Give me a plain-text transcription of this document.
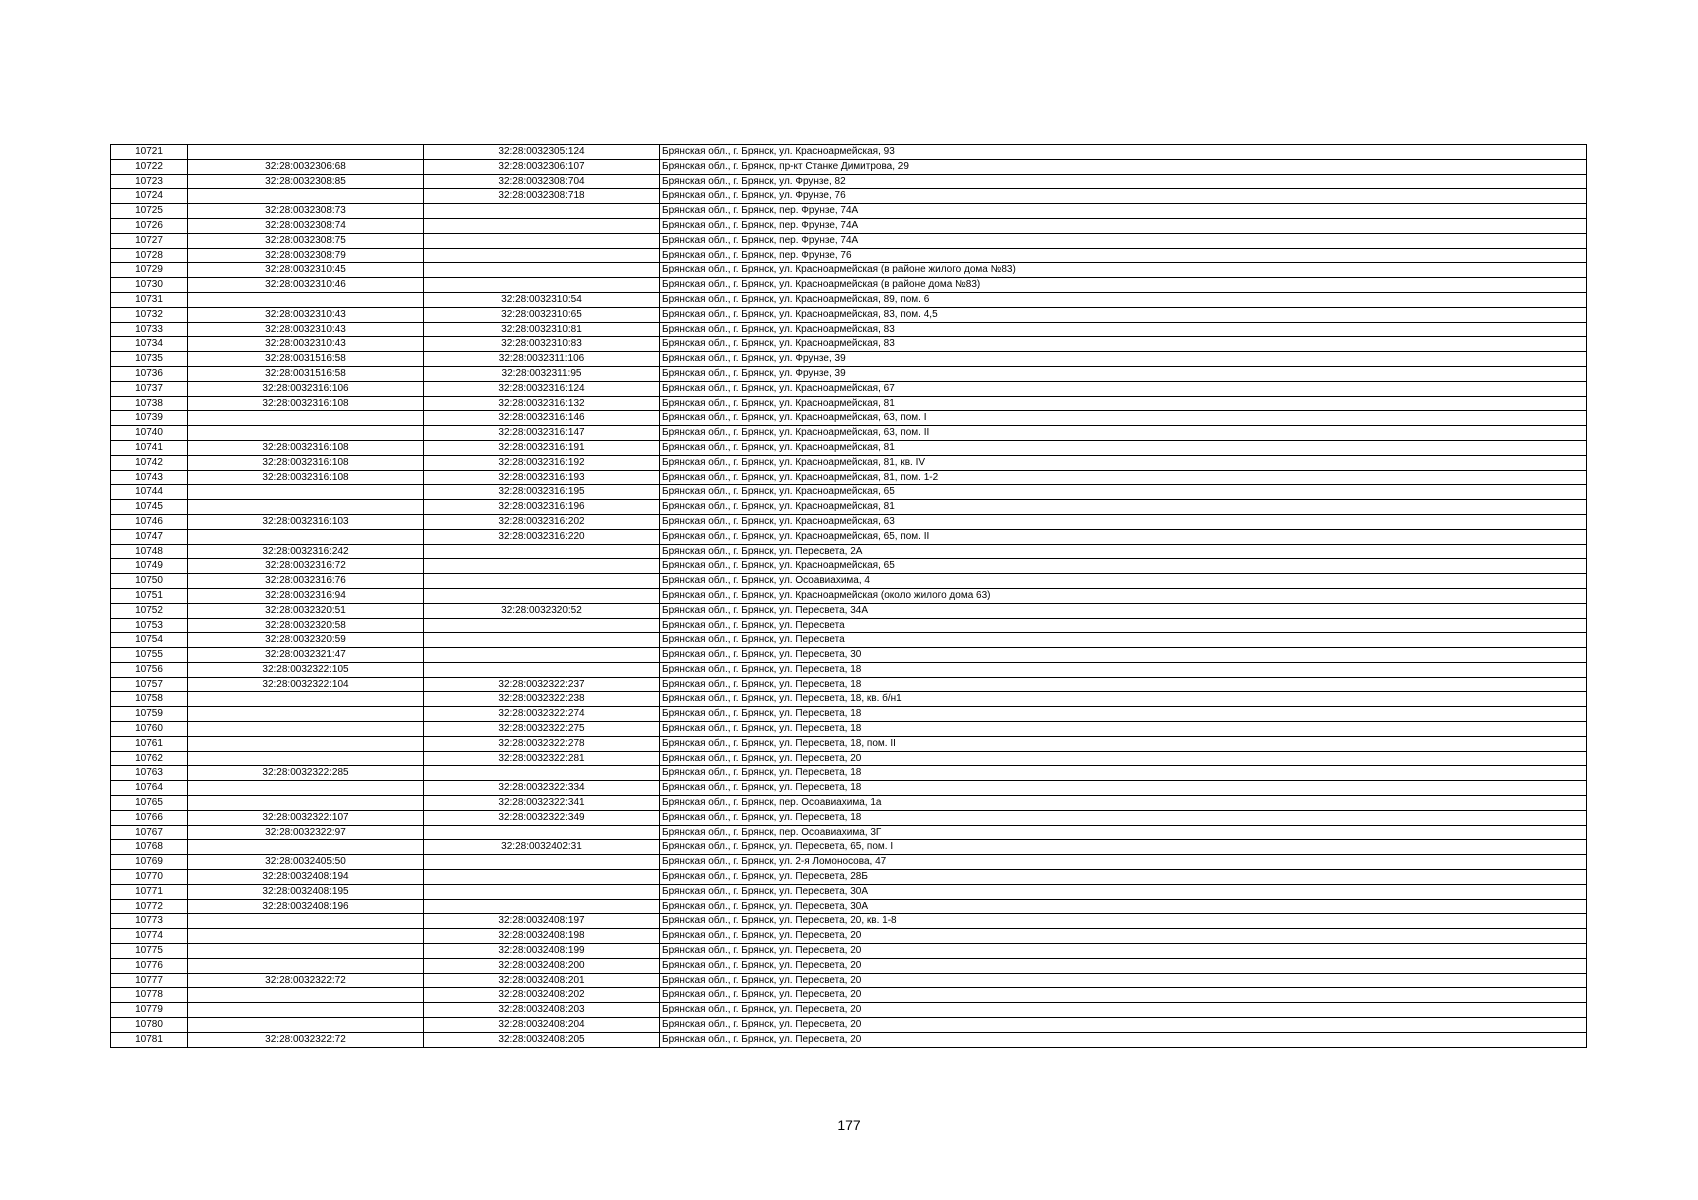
10721		32:28:0032305:124	Брянская обл., г. Брянск, ул. Красноармейская, 93
10722	32:28:0032306:68	32:28:0032306:107	Брянская обл., г. Брянск, пр-кт Станке Димитрова, 29
10723	32:28:0032308:85	32:28:0032308:704	Брянская обл., г. Брянск, ул. Фрунзе, 82
10724		32:28:0032308:718	Брянская обл., г. Брянск, ул. Фрунзе, 76
10725	32:28:0032308:73		Брянская обл., г. Брянск, пер. Фрунзе, 74А
10726	32:28:0032308:74		Брянская обл., г. Брянск, пер. Фрунзе, 74А
10727	32:28:0032308:75		Брянская обл., г. Брянск, пер. Фрунзе, 74А
10728	32:28:0032308:79		Брянская обл., г. Брянск, пер. Фрунзе, 76
10729	32:28:0032310:45		Брянская обл., г. Брянск, ул. Красноармейская (в районе жилого дома №83)
10730	32:28:0032310:46		Брянская обл., г. Брянск, ул. Красноармейская (в районе дома №83)
10731		32:28:0032310:54	Брянская обл., г. Брянск, ул. Красноармейская, 89, пом. 6
10732	32:28:0032310:43	32:28:0032310:65	Брянская обл., г. Брянск, ул. Красноармейская, 83, пом. 4,5
10733	32:28:0032310:43	32:28:0032310:81	Брянская обл., г. Брянск, ул. Красноармейская, 83
10734	32:28:0032310:43	32:28:0032310:83	Брянская обл., г. Брянск, ул. Красноармейская, 83
10735	32:28:0031516:58	32:28:0032311:106	Брянская обл., г. Брянск, ул. Фрунзе, 39
10736	32:28:0031516:58	32:28:0032311:95	Брянская обл., г. Брянск, ул. Фрунзе, 39
10737	32:28:0032316:106	32:28:0032316:124	Брянская обл., г. Брянск, ул. Красноармейская, 67
10738	32:28:0032316:108	32:28:0032316:132	Брянская обл., г. Брянск, ул. Красноармейская, 81
10739		32:28:0032316:146	Брянская обл., г. Брянск, ул. Красноармейская, 63, пом. I
10740		32:28:0032316:147	Брянская обл., г. Брянск, ул. Красноармейская, 63, пом. II
10741	32:28:0032316:108	32:28:0032316:191	Брянская обл., г. Брянск, ул. Красноармейская, 81
10742	32:28:0032316:108	32:28:0032316:192	Брянская обл., г. Брянск, ул. Красноармейская, 81, кв. IV
10743	32:28:0032316:108	32:28:0032316:193	Брянская обл., г. Брянск, ул. Красноармейская, 81, пом. 1-2
10744		32:28:0032316:195	Брянская обл., г. Брянск, ул. Красноармейская, 65
10745		32:28:0032316:196	Брянская обл., г. Брянск, ул. Красноармейская, 81
10746	32:28:0032316:103	32:28:0032316:202	Брянская обл., г. Брянск, ул. Красноармейская, 63
10747		32:28:0032316:220	Брянская обл., г. Брянск, ул. Красноармейская, 65, пом. II
10748	32:28:0032316:242		Брянская обл., г. Брянск, ул. Пересвета, 2А
10749	32:28:0032316:72		Брянская обл., г. Брянск, ул. Красноармейская, 65
10750	32:28:0032316:76		Брянская обл., г. Брянск, ул. Осоавиахима, 4
10751	32:28:0032316:94		Брянская обл., г. Брянск, ул. Красноармейская (около жилого дома 63)
10752	32:28:0032320:51	32:28:0032320:52	Брянская обл., г. Брянск, ул. Пересвета, 34А
10753	32:28:0032320:58		Брянская обл., г. Брянск, ул. Пересвета
10754	32:28:0032320:59		Брянская обл., г. Брянск, ул. Пересвета
10755	32:28:0032321:47		Брянская обл., г. Брянск, ул. Пересвета, 30
10756	32:28:0032322:105		Брянская обл., г. Брянск, ул. Пересвета, 18
10757	32:28:0032322:104	32:28:0032322:237	Брянская обл., г. Брянск, ул. Пересвета, 18
10758		32:28:0032322:238	Брянская обл., г. Брянск, ул. Пересвета, 18, кв. б/н1
10759		32:28:0032322:274	Брянская обл., г. Брянск, ул. Пересвета, 18
10760		32:28:0032322:275	Брянская обл., г. Брянск, ул. Пересвета, 18
10761		32:28:0032322:278	Брянская обл., г. Брянск, ул. Пересвета, 18, пом. II
10762		32:28:0032322:281	Брянская обл., г. Брянск, ул. Пересвета, 20
10763	32:28:0032322:285		Брянская обл., г. Брянск, ул. Пересвета, 18
10764		32:28:0032322:334	Брянская обл., г. Брянск, ул. Пересвета, 18
10765		32:28:0032322:341	Брянская обл., г. Брянск, пер. Осоавиахима, 1а
10766	32:28:0032322:107	32:28:0032322:349	Брянская обл., г. Брянск, ул. Пересвета, 18
10767	32:28:0032322:97		Брянская обл., г. Брянск, пер. Осоавиахима, 3Г
10768		32:28:0032402:31	Брянская обл., г. Брянск, ул. Пересвета, 65, пом. I
10769	32:28:0032405:50		Брянская обл., г. Брянск, ул. 2-я Ломоносова, 47
10770	32:28:0032408:194		Брянская обл., г. Брянск, ул. Пересвета, 28Б
10771	32:28:0032408:195		Брянская обл., г. Брянск, ул. Пересвета, 30А
10772	32:28:0032408:196		Брянская обл., г. Брянск, ул. Пересвета, 30А
10773		32:28:0032408:197	Брянская обл., г. Брянск, ул. Пересвета, 20, кв. 1-8
10774		32:28:0032408:198	Брянская обл., г. Брянск, ул. Пересвета, 20
10775		32:28:0032408:199	Брянская обл., г. Брянск, ул. Пересвета, 20
10776		32:28:0032408:200	Брянская обл., г. Брянск, ул. Пересвета, 20
10777	32:28:0032322:72	32:28:0032408:201	Брянская обл., г. Брянск, ул. Пересвета, 20
10778		32:28:0032408:202	Брянская обл., г. Брянск, ул. Пересвета, 20
10779		32:28:0032408:203	Брянская обл., г. Брянск, ул. Пересвета, 20
10780		32:28:0032408:204	Брянская обл., г. Брянск, ул. Пересвета, 20
10781	32:28:0032322:72	32:28:0032408:205	Брянская обл., г. Брянск, ул. Пересвета, 20
177
